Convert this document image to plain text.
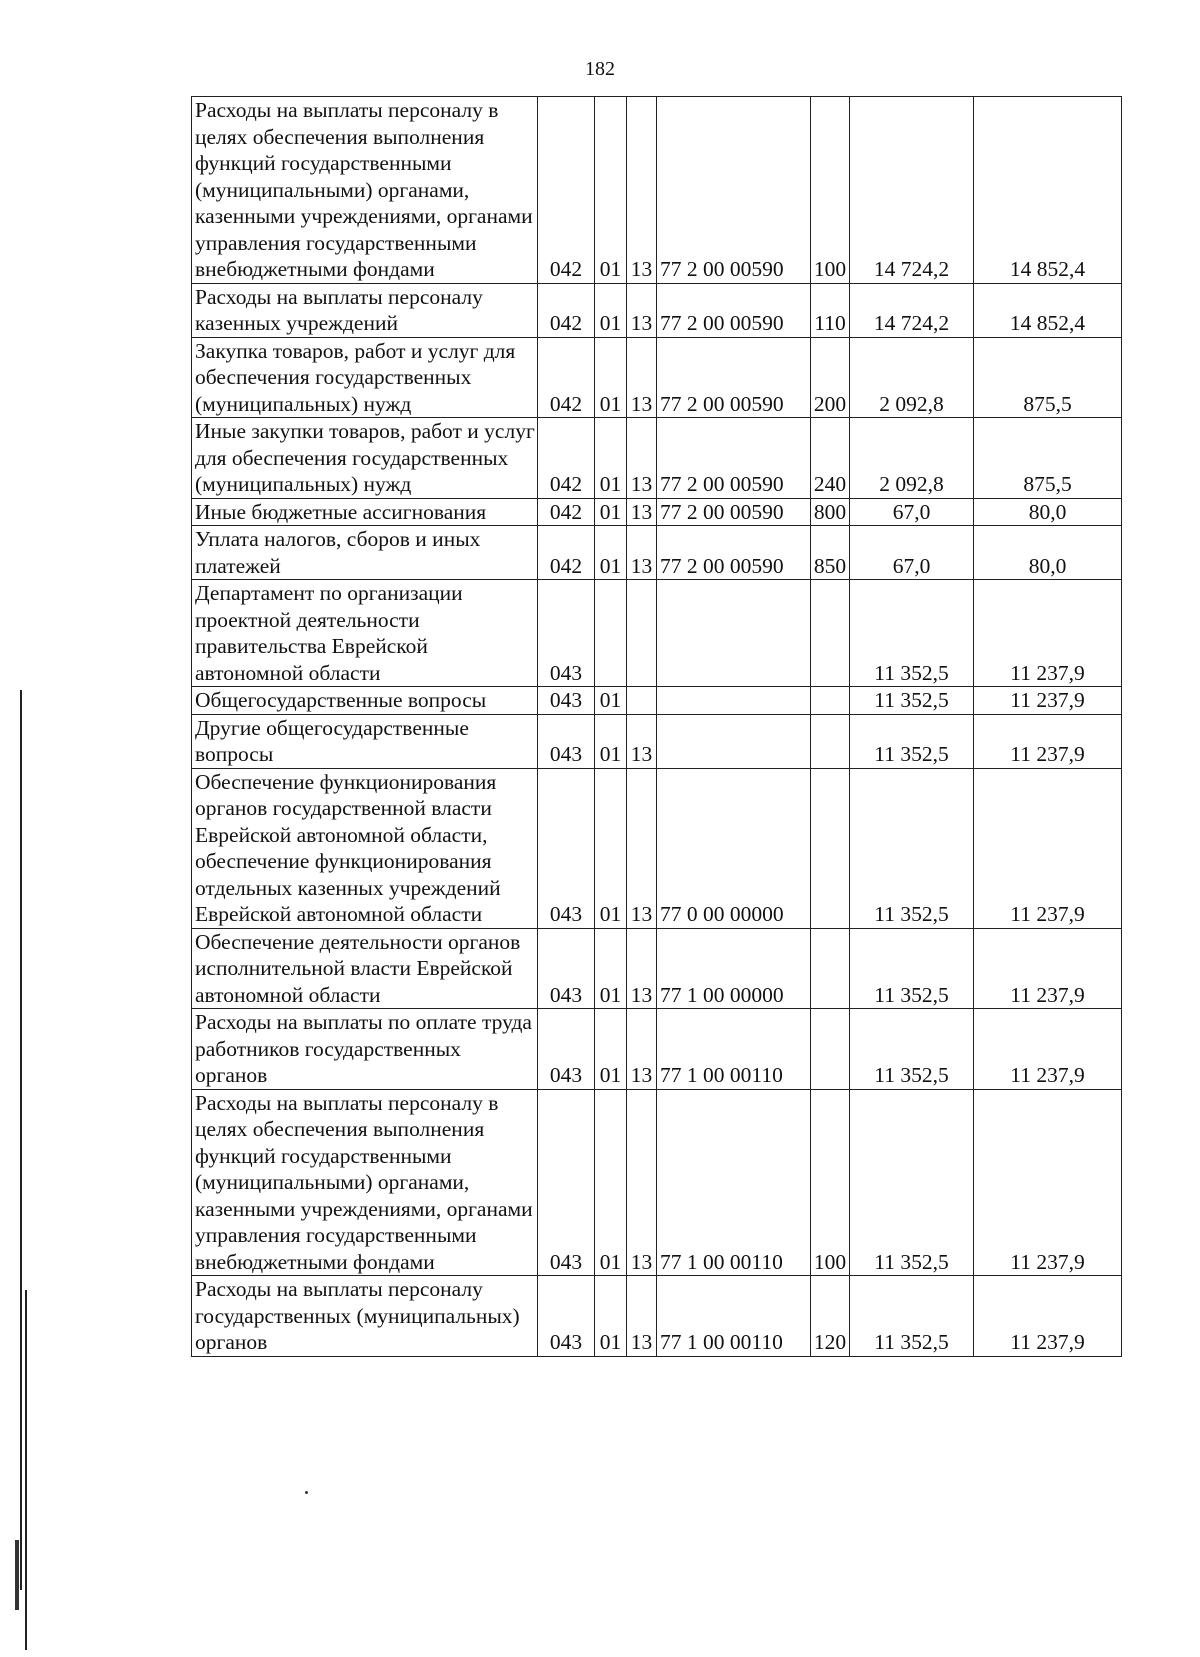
182
Расходы на выплаты персоналу в целях обеспечения выполнения функций государственными (муниципальными) органами, казенными учреждениями, органами управления государственными внебюджетными фондами	042	01	13	77 2 00 00590	100	14 724,2	14 852,4
Расходы на выплаты персоналу казенных учреждений	042	01	13	77 2 00 00590	110	14 724,2	14 852,4
Закупка товаров, работ и услуг для обеспечения государственных (муниципальных) нужд	042	01	13	77 2 00 00590	200	2 092,8	875,5
Иные закупки товаров, работ и услуг для обеспечения государственных (муниципальных) нужд	042	01	13	77 2 00 00590	240	2 092,8	875,5
Иные бюджетные ассигнования	042	01	13	77 2 00 00590	800	67,0	80,0
Уплата налогов, сборов и иных платежей	042	01	13	77 2 00 00590	850	67,0	80,0
Департамент по организации проектной деятельности правительства Еврейской автономной области	043					11 352,5	11 237,9
Общегосударственные вопросы	043	01				11 352,5	11 237,9
Другие общегосударственные вопросы	043	01	13			11 352,5	11 237,9
Обеспечение функционирования органов государственной власти Еврейской автономной области, обеспечение функционирования отдельных казенных учреждений Еврейской автономной области	043	01	13	77 0 00 00000		11 352,5	11 237,9
Обеспечение деятельности органов исполнительной власти Еврейской автономной области	043	01	13	77 1 00 00000		11 352,5	11 237,9
Расходы на выплаты по оплате труда работников государственных органов	043	01	13	77 1 00 00110		11 352,5	11 237,9
Расходы на выплаты персоналу в целях обеспечения выполнения функций государственными (муниципальными) органами, казенными учреждениями, органами управления государственными внебюджетными фондами	043	01	13	77 1 00 00110	100	11 352,5	11 237,9
Расходы на выплаты персоналу государственных (муниципальных) органов	043	01	13	77 1 00 00110	120	11 352,5	11 237,9
